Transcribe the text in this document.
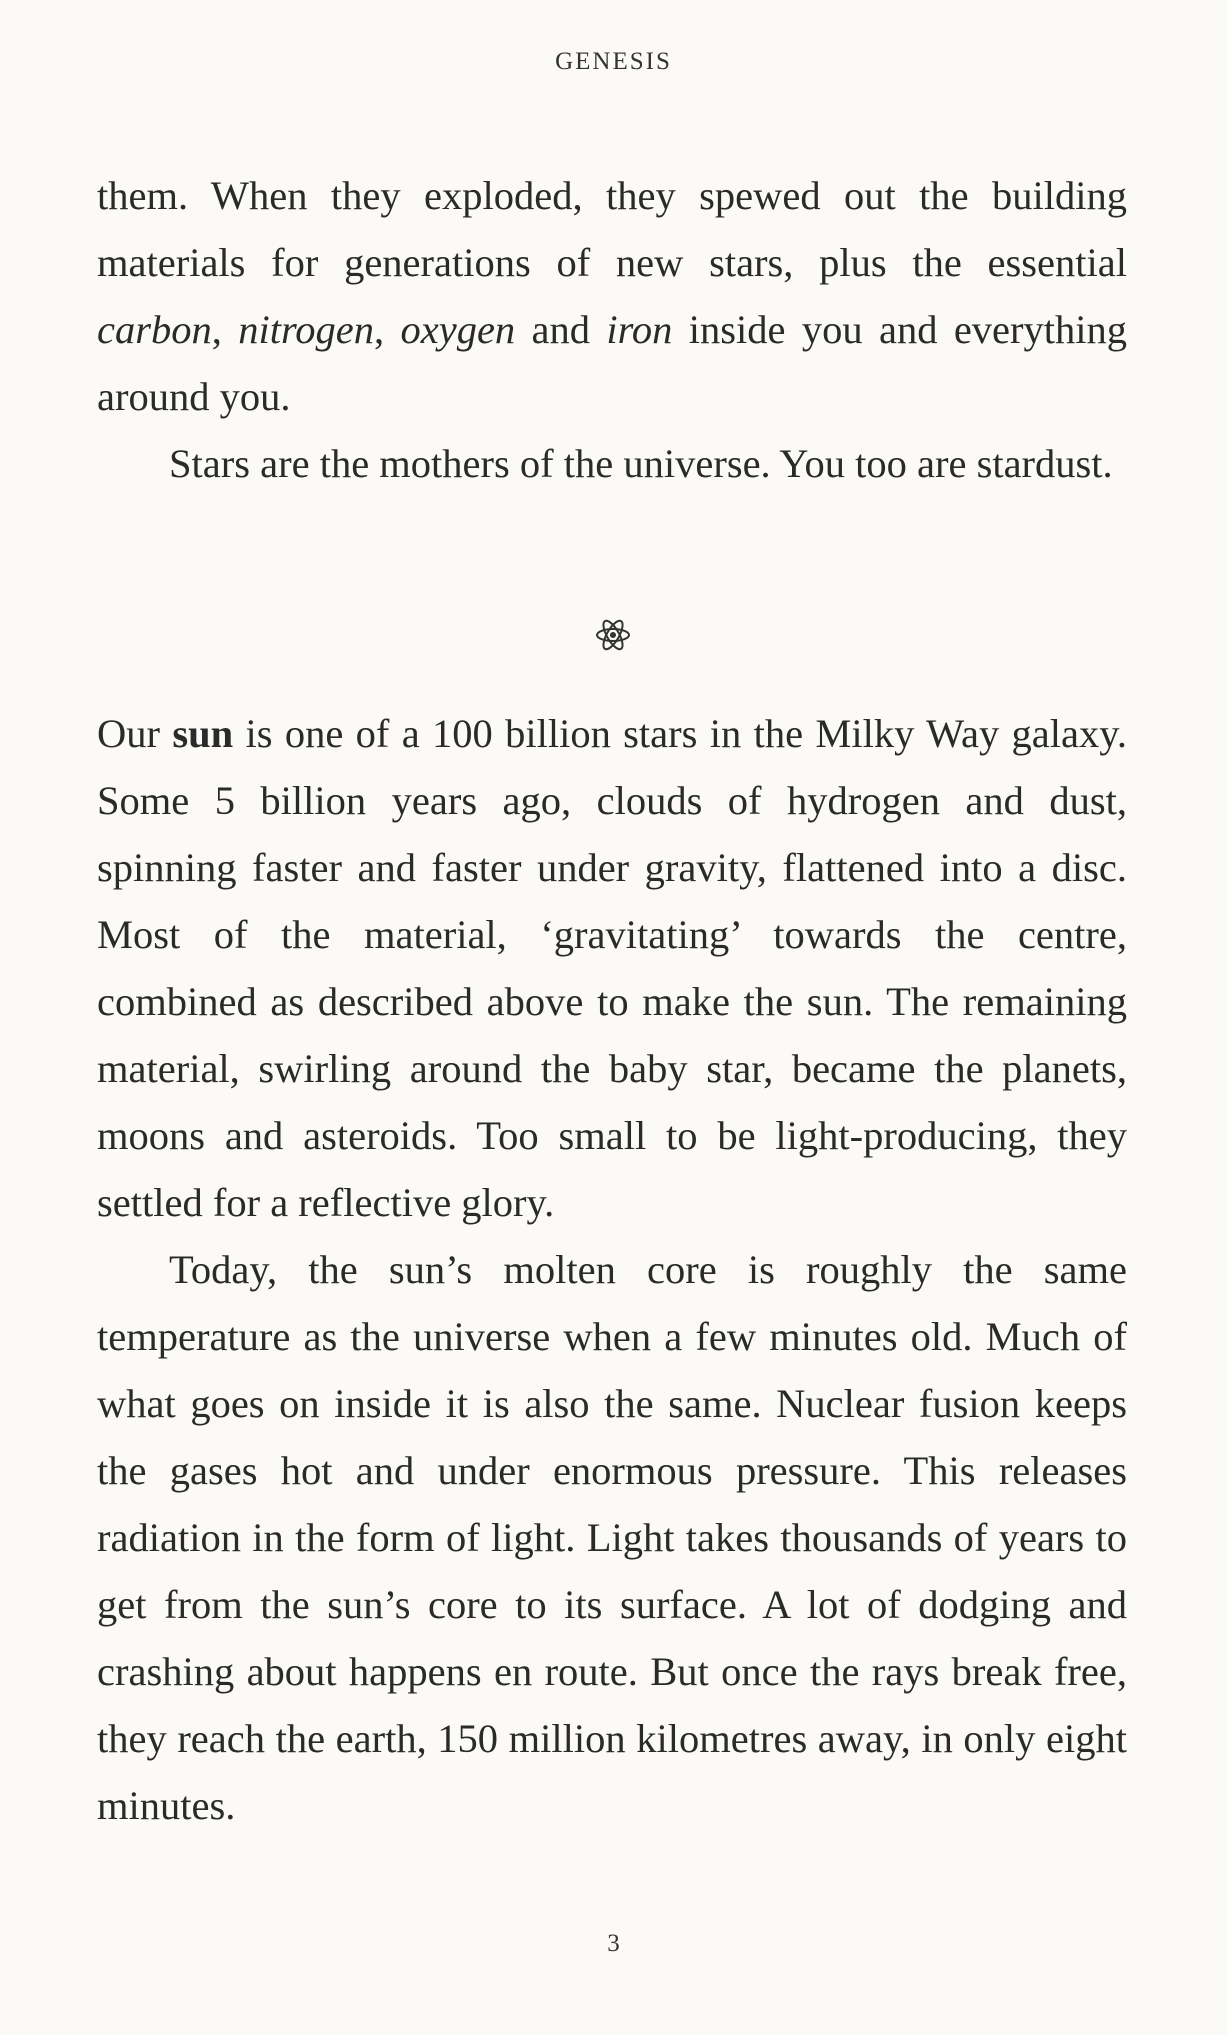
GENESIS

them. When they exploded, they spewed out the building materials for generations of new stars, plus the essential carbon, nitrogen, oxygen and iron inside you and everything around you.

Stars are the mothers of the universe. You too are stardust.

Our sun is one of a 100 billion stars in the Milky Way galaxy. Some 5 billion years ago, clouds of hydrogen and dust, spinning faster and faster under gravity, flattened into a disc. Most of the material, ‘gravitating’ towards the centre, combined as described above to make the sun. The remaining material, swirling around the baby star, became the planets, moons and asteroids. Too small to be light-producing, they settled for a reflective glory.

Today, the sun’s molten core is roughly the same temperature as the universe when a few minutes old. Much of what goes on inside it is also the same. Nuclear fusion keeps the gases hot and under enormous pressure. This releases radiation in the form of light. Light takes thousands of years to get from the sun’s core to its surface. A lot of dodging and crashing about happens en route. But once the rays break free, they reach the earth, 150 million kilometres away, in only eight minutes.

3
